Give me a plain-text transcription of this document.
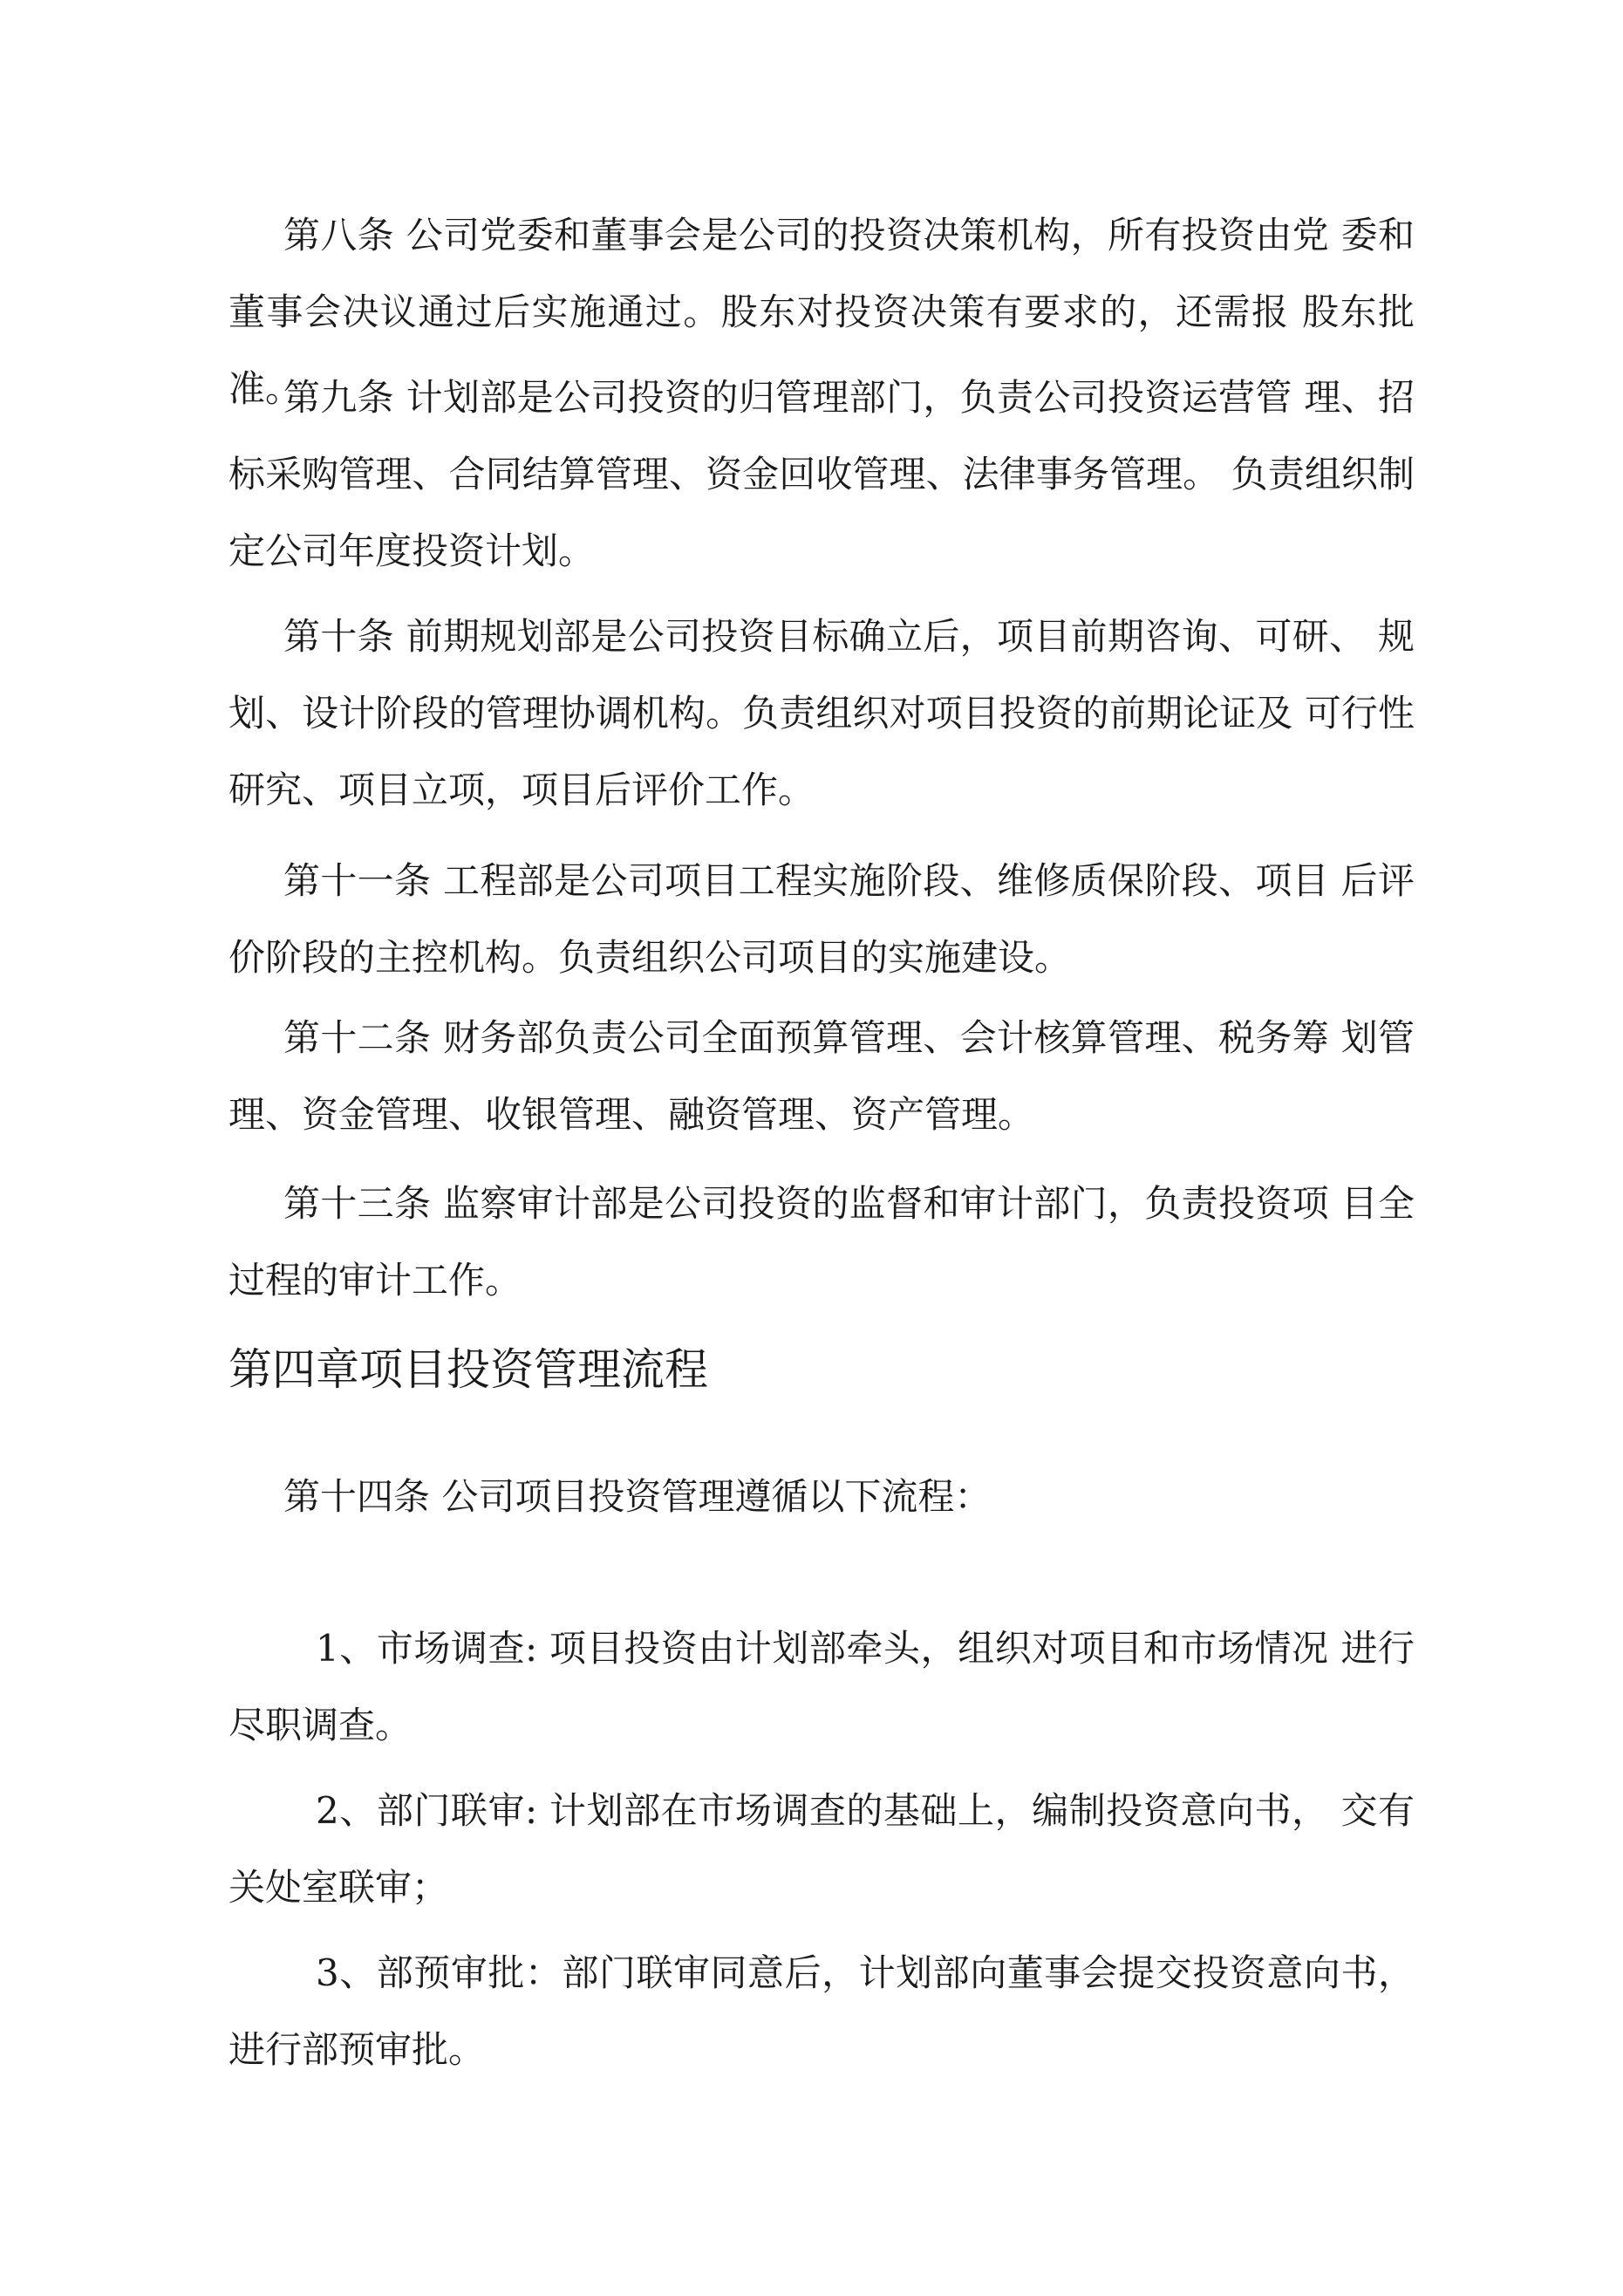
第八条 公司党委和董事会是公司的投资决策机构，所有投资由党 委和董事会决议通过后实施通过。股东对投资决策有要求的，还需报 股东批准。

第九条 计划部是公司投资的归管理部门，负责公司投资运营管 理、招标采购管理、合同结算管理、资金回收管理、法律事务管理。 负责组织制定公司年度投资计划。

第十条 前期规划部是公司投资目标确立后，项目前期咨询、可研、 规划、设计阶段的管理协调机构。负责组织对项目投资的前期论证及 可行性研究、项目立项，项目后评价工作。

第十一条 工程部是公司项目工程实施阶段、维修质保阶段、项目 后评价阶段的主控机构。负责组织公司项目的实施建设。

第十二条 财务部负责公司全面预算管理、会计核算管理、税务筹 划管理、资金管理、收银管理、融资管理、资产管理。

第十三条 监察审计部是公司投资的监督和审计部门，负责投资项 目全过程的审计工作。

第四章项目投资管理流程

第十四条 公司项目投资管理遵循以下流程：

1、市场调查: 项目投资由计划部牵头，组织对项目和市场情况 进行尽职调查。

2、部门联审: 计划部在市场调查的基础上，编制投资意向书， 交有关处室联审；

3、部预审批：部门联审同意后，计划部向董事会提交投资意向书，进行部预审批。
